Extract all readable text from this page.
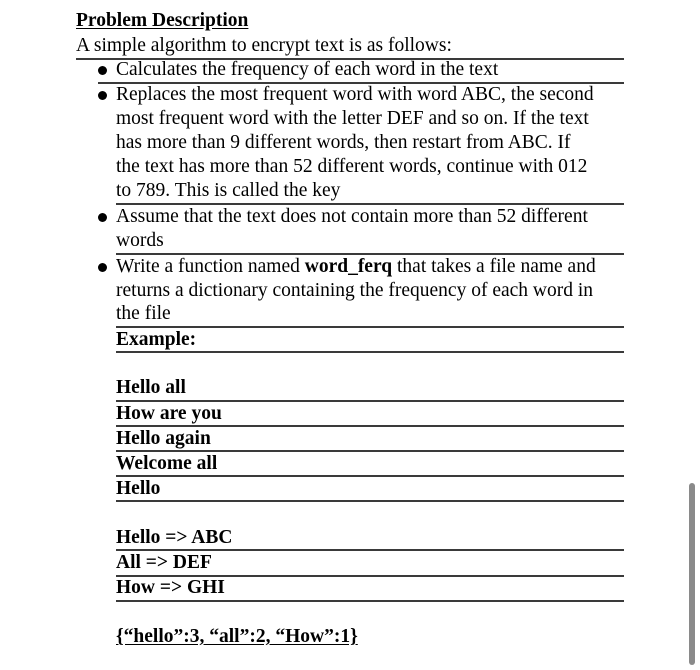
Problem Description
A simple algorithm to encrypt text is as follows:
Calculates the frequency of each word in the text
Replaces the most frequent word with word ABC, the second
most frequent word with the letter DEF and so on. If the text
has more than 9 different words, then restart from ABC. If
the text has more than 52 different words, continue with 012
to 789. This is called the key
Assume that the text does not contain more than 52 different
words
Write a function named word_ferq that takes a file name and
returns a dictionary containing the frequency of each word in
the file
Example:
Hello all
How are you
Hello again
Welcome all
Hello
Hello => ABC
All => DEF
How => GHI
{“hello”:3, “all”:2, “How”:1}
